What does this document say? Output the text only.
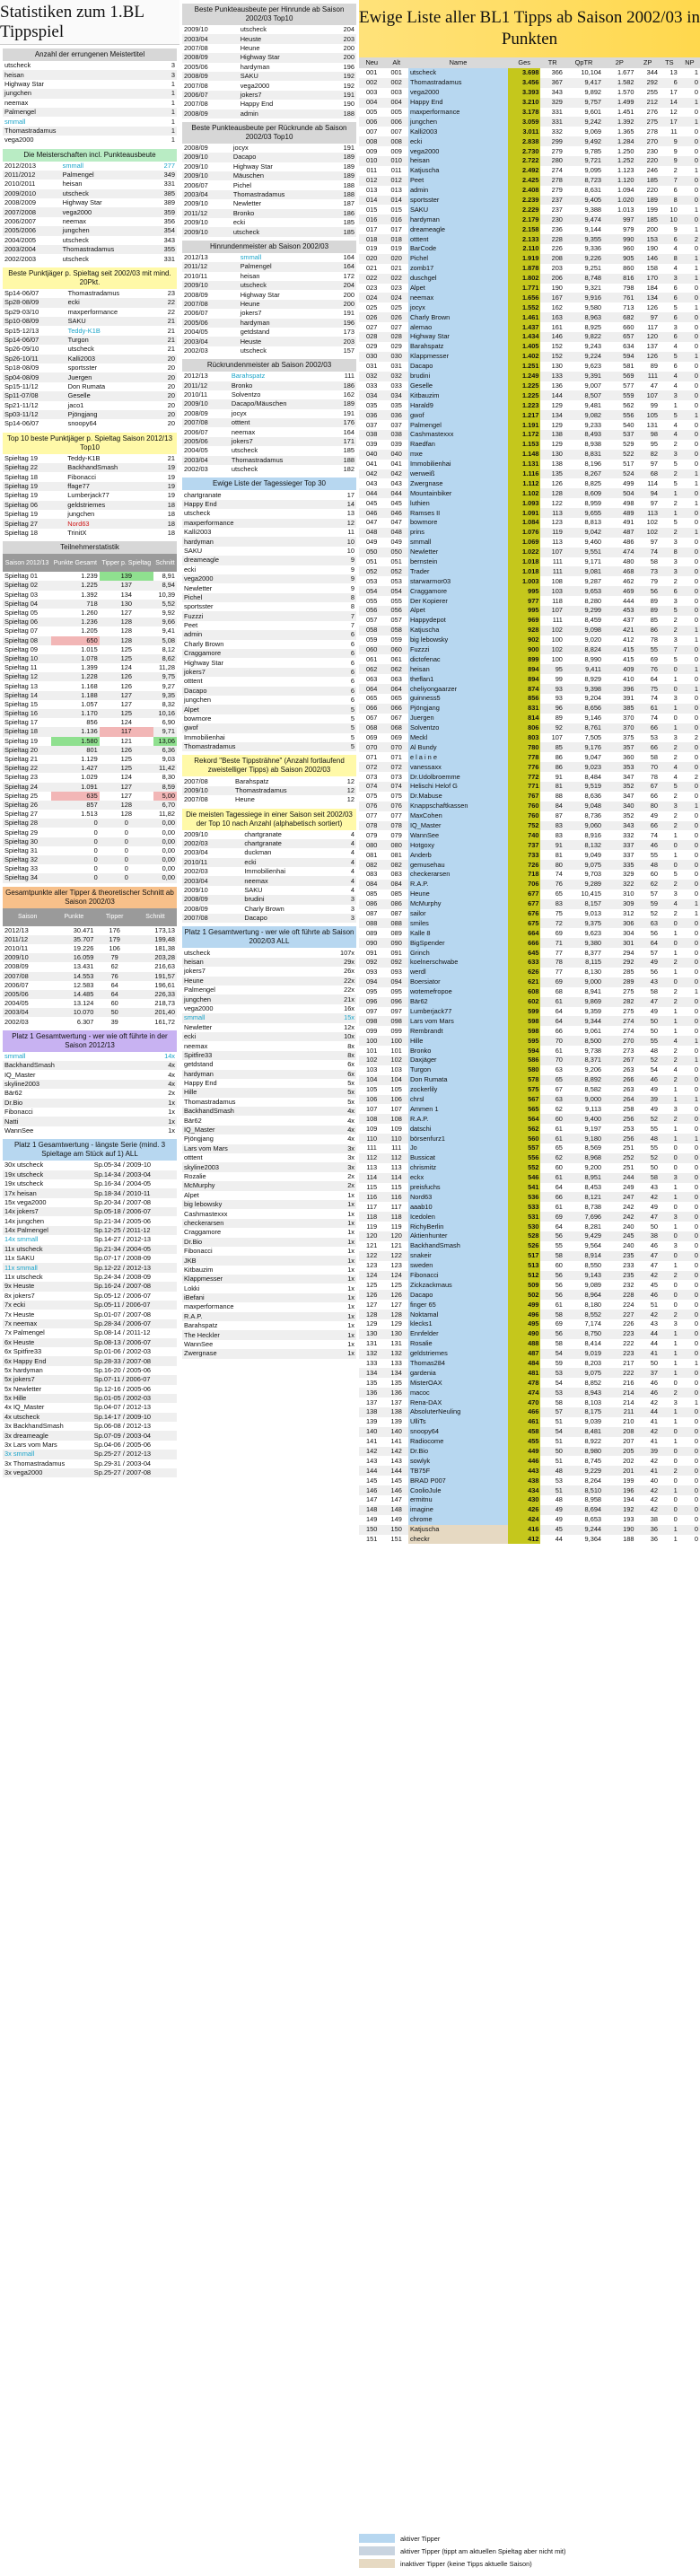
Statistiken zum 1.BL Tippspiel
Anzahl der errungenen Meistertitel
utscheck	3
heisan	3
Highway Star	1
jungchen	1
neemax	1
Palmengel	1
smmall	1
Thomastradamus	1
vega2000	1
Die Meisterschaften incl. Punkteausbeute
2012/2013	smmall	277
2011/2012	Palmengel	349
2010/2011	heisan	331
2009/2010	utscheck	385
2008/2009	Highway Star	389
2007/2008	vega2000	359
2006/2007	neemax	356
2005/2006	jungchen	354
2004/2005	utscheck	343
2003/2004	Thomastradamus	355
2002/2003	utscheck	331
Beste Punktjäger p. Spieltag seit 2002/03 mit mind. 20Pkt.
Sp14-06/07	Thomastradamus	23
Sp28-08/09	ecki	22
Sp29-03/10	maxperformance	22
Sp10-08/09	SAKU	21
Sp15-12/13	Teddy-K1B	21
Sp14-06/07	Turgon	21
Sp26-09/10	utscheck	21
Sp26-10/11	Kalli2003	20
Sp18-08/09	sportsster	20
Sp04-08/09	Juergen	20
Sp15-11/12	Don Rumata	20
Sp11-07/08	Geselle	20
Sp21-11/12	jaco1	20
Sp03-11/12	Pjöngjang	20
Sp14-06/07	snoopy64	20
Top 10 beste Punktjäger p. Spieltag Saison 2012/13 Top10
Spieltag 19	Teddy-K1B	21
Spieltag 22	BackhandSmash	19
Spieltag 18	Fibonacci	19
Spieltag 19	ffage77	19
Spieltag 19	Lumberjack77	19
Spieltag 06	geldstriemes	18
Spieltag 19	jungchen	18
Spieltag 27	Nord63	18
Spieltag 18	TrinitX	18
Teilnehmerstatistik
Saison 2012/13	Punkte Gesamt	Tipper p. Spieltag	Schnitt
Spieltag 01	1.239	139	8,91
Spieltag 02	1.225	137	8,94
Spieltag 03	1.392	134	10,39
Spieltag 04	718	130	5,52
Spieltag 05	1.260	127	9,92
Spieltag 06	1.236	128	9,66
Spieltag 07	1.205	128	9,41
Spieltag 08	650	128	5,08
Spieltag 09	1.015	125	8,12
Spieltag 10	1.078	125	8,62
Spieltag 11	1.399	124	11,28
Spieltag 12	1.228	126	9,75
Spieltag 13	1.168	126	9,27
Spieltag 14	1.188	127	9,35
Spieltag 15	1.057	127	8,32
Spieltag 16	1.170	125	10,16
Spieltag 17	856	124	6,90
Spieltag 18	1.136	117	9,71
Spieltag 19	1.580	121	13,06
Spieltag 20	801	126	6,36
Spieltag 21	1.129	125	9,03
Spieltag 22	1.427	125	11,42
Spieltag 23	1.029	124	8,30
Spieltag 24	1.091	127	8,59
Spieltag 25	635	127	5,00
Spieltag 26	857	128	6,70
Spieltag 27	1.513	128	11,82
Spieltag 28	0	0	0,00
Spieltag 29	0	0	0,00
Spieltag 30	0	0	0,00
Spieltag 31	0	0	0,00
Spieltag 32	0	0	0,00
Spieltag 33	0	0	0,00
Spieltag 34	0	0	0,00
Gesamtpunkte aller Tipper & theoretischer Schnitt ab Saison 2002/03
Saison	Punkte	Tipper	Schnitt
2012/13	30.471	176	173,13
2011/12	35.707	179	199,48
2010/11	19.226	106	181,38
2009/10	16.059	79	203,28
2008/09	13.431	62	216,63
2007/08	14.553	76	191,57
2006/07	12.583	64	196,61
2005/06	14.485	64	226,33
2004/05	13.124	60	218,73
2003/04	10.070	50	201,40
2002/03	6.307	39	161,72
Platz 1 Gesamtwertung - wer wie oft führte in der Saison 2012/13
smmall	14x
BackhandSmash	4x
IQ_Master	4x
skyline2003	4x
Bär62	2x
Dr.Bio	1x
Fibonacci	1x
Natti	1x
WannSee	1x
Platz 1 Gesamtwertung - längste Serie (mind. 3 Spieltage am Stück auf 1) ALL
30x utscheck	Sp.05-34 / 2009-10
19x utscheck	Sp.14-34 / 2003-04
19x utscheck	Sp.16-34 / 2004-05
17x heisan	Sp.18-34 / 2010-11
15x vega2000	Sp.20-34 / 2007-08
14x jokers7	Sp.05-18 / 2006-07
14x jungchen	Sp.21-34 / 2005-06
14x Palmengel	Sp.12-25 / 2011-12
14x smmall	Sp.14-27 / 2012-13
11x utscheck	Sp.21-34 / 2004-05
11x SAKU	Sp.07-17 / 2008-09
11x smmall	Sp.12-22 / 2012-13
11x utscheck	Sp.24-34 / 2008-09
9x Heuste	Sp.16-24 / 2007-08
8x jokers7	Sp.05-12 / 2006-07
7x ecki	Sp.05-11 / 2006-07
7x Heuste	Sp.01-07 / 2007-08
7x neemax	Sp.28-34 / 2006-07
7x Palmengel	Sp.08-14 / 2011-12
6x Heuste	Sp.08-13 / 2006-07
6x Spitfire33	Sp.01-06 / 2002-03
6x Happy End	Sp.28-33 / 2007-08
5x hardyman	Sp.16-20 / 2005-06
5x jokers7	Sp.07-11 / 2006-07
5x Newletter	Sp.12-16 / 2005-06
5x Hille	Sp.01-05 / 2002-03
4x IQ_Master	Sp.04-07 / 2012-13
4x utscheck	Sp.14-17 / 2009-10
3x BackhandSmash	Sp.06-08 / 2012-13
3x dreameagle	Sp.07-09 / 2003-04
3x Lars vom Mars	Sp.04-06 / 2005-06
3x smmall	Sp.25-27 / 2012-13
3x Thomastradamus	Sp.29-31 / 2003-04
3x vega2000	Sp.25-27 / 2007-08
Beste Punkteausbeute per Hinrunde ab Saison 2002/03 Top10
2009/10	utscheck	204
2003/04	Heuste	203
2007/08	Heune	200
2008/09	Highway Star	200
2005/06	hardyman	196
2008/09	SAKU	192
2007/08	vega2000	192
2006/07	jokers7	191
2007/08	Happy End	190
2008/09	admin	188
Beste Punkteausbeute per Rückrunde ab Saison 2002/03 Top10
2008/09	jocyx	191
2009/10	Dacapo	189
2009/10	Highway Star	189
2009/10	Mäuschen	189
2006/07	Pichel	188
2003/04	Thomastradamus	188
2009/10	Newletter	187
2011/12	Bronko	186
2009/10	ecki	185
2009/10	utscheck	185
Hinrundenmeister ab Saison 2002/03
2012/13	smmall	164
2011/12	Palmengel	164
2010/11	heisan	172
2009/10	utscheck	204
2008/09	Highway Star	200
2007/08	Heune	200
2006/07	jokers7	191
2005/06	hardyman	196
2004/05	getdstand	173
2003/04	Heuste	203
2002/03	utscheck	157
Rückrundenmeister ab Saison 2002/03
2012/13	Barahspatz	111
2011/12	Bronko	186
2010/11	Solventzo	162
2009/10	Dacapo/Mäuschen	189
2008/09	jocyx	191
2007/08	otttent	176
2006/07	neemax	164
2005/06	jokers7	171
2004/05	utscheck	185
2003/04	Thomastradamus	188
2002/03	utscheck	182
Ewige Liste der Tagessieger Top 30
chartgranate	17
Happy End	14
utscheck	13
maxperformance	12
Kalli2003	11
hardyman	10
SAKU	10
dreameagle	9
ecki	9
vega2000	9
Newletter	9
Pichel	8
sportsster	8
Fuzzzi	7
Peet	7
admin	6
Charly Brown	6
Craggamore	6
Highway Star	6
jokers7	6
otttent	6
Dacapo	6
jungchen	6
Alpet	5
bowmore	5
gwof	5
Immobilienhai	5
Thomastradamus	5
Rekord "Beste Tippsträhne" (Anzahl fortlaufend zweistelliger Tipps) ab Saison 2002/03
2007/08	Barahspatz	12
2009/10	Thomastradamus	12
2007/08	Heune	12
Die meisten Tagessiege in einer Saison seit 2002/03 der Top 10 nach Anzahl (alphabetisch sortiert)
2009/10	chartgranate	4
2002/03	chartgranate	4
2003/04	duckman	4
2010/11	ecki	4
2002/03	Immobilienhai	4
2003/04	neemax	4
2009/10	SAKU	4
2008/09	brudini	3
2008/09	Charly Brown	3
2007/08	Dacapo	3
Platz 1 Gesamtwertung - wer wie oft führte ab Saison 2002/03 ALL
utscheck	107x
heisan	29x
jokers7	26x
Heune	22x
Palmengel	22x
jungchen	21x
vega2000	16x
smmall	15x
Newletter	12x
ecki	10x
neemax	8x
Spitfire33	8x
getdstand	6x
hardyman	6x
Happy End	5x
Hille	5x
Thomastradamus	5x
BackhandSmash	4x
Bär62	4x
IQ_Master	4x
Pjöngjang	4x
Lars vom Mars	3x
otttent	3x
skyline2003	3x
Rozalie	2x
McMurphy	2x
Alpet	1x
big lebowsky	1x
Cashmastexxx	1x
checkerarsen	1x
Craggamore	1x
Dr.Bio	1x
Fibonacci	1x
JKB	1x
Kitbauzim	1x
Klappmesser	1x
Lokki	1x
iBefani	1x
maxperformance	1x
R.A.P.	1x
Barahspatz	1x
The Heckler	1x
WannSee	1x
Zwergnase	1x
Ewige Liste aller BL1 Tipps ab Saison 2002/03 in Punkten
Neu	Alt	Name	Ges	TR	QpTR	2P	ZP	TS	NP
001	001	utscheck	3.698	366	10,104	1.677	344	13	1
002	002	Thomastradamus	3.456	367	9,417	1.582	292	6	0
003	003	vega2000	3.393	343	9,892	1.570	255	17	0
004	004	Happy End	3.210	329	9,757	1.499	212	14	1
005	005	maxperformance	3.178	331	9,601	1.451	276	12	0
006	006	jungchen	3.059	331	9,242	1.392	275	17	1
007	007	Kalli2003	3.011	332	9,069	1.365	278	11	0
008	008	ecki	2.838	299	9,492	1.284	270	9	0
009	009	vega2000	2.730	279	9,785	1.250	230	9	0
010	010	heisan	2.722	280	9,721	1.252	220	9	0
011	011	Katjuscha	2.492	274	9,095	1.123	246	2	1
012	012	Peet	2.425	278	8,723	1.120	185	7	0
013	013	admin	2.408	279	8,631	1.094	220	6	0
014	014	sportsster	2.239	237	9,405	1.020	189	8	0
015	015	SAKU	2.229	237	9,388	1.013	199	10	1
016	016	hardyman	2.179	230	9,474	997	185	10	0
017	017	dreameagle	2.158	236	9,144	979	200	9	1
018	018	otttent	2.133	228	9,355	990	153	6	2
019	019	BarCode	2.110	226	9,336	960	190	4	0
020	020	Pichel	1.919	208	9,226	905	146	8	1
021	021	zomb17	1.878	203	9,251	860	158	4	1
022	022	duschgel	1.802	206	8,748	816	170	3	1
023	023	Alpet	1.771	190	9,321	798	184	6	0
024	024	neemax	1.656	167	9,916	761	134	6	0
025	025	jocyx	1.552	162	9,580	713	126	5	1
026	026	Charly Brown	1.461	163	8,963	682	97	6	0
027	027	alemao	1.437	161	8,925	660	117	3	0
028	028	Highway Star	1.434	146	9,822	657	120	6	0
029	029	Barahspatz	1.405	152	9,243	634	137	4	0
030	030	Klappmesser	1.402	152	9,224	594	126	5	1
031	031	Dacapo	1.251	130	9,623	581	89	6	0
032	032	brudini	1.249	133	9,391	569	111	4	0
033	033	Geselle	1.225	136	9,007	577	47	4	0
034	034	Kitbauzim	1.225	144	8,507	559	107	3	0
035	035	Harald9	1.223	129	9,481	562	99	1	0
036	036	gwof	1.217	134	9,082	556	105	5	1
037	037	Palmengel	1.191	129	9,233	540	131	4	0
038	038	Cashmastexxx	1.172	138	8,493	537	98	4	0
039	039	Raedfan	1.153	129	8,938	529	95	2	0
040	040	mxe	1.148	130	8,831	522	82	3	0
041	041	Immobilienhai	1.131	138	8,196	517	97	5	0
042	042	werweiß	1.116	135	8,267	524	68	2	1
043	043	Zwergnase	1.112	126	8,825	499	114	5	1
044	044	Mountainbiker	1.102	128	8,609	504	94	1	0
045	045	luthien	1.093	122	8,959	498	97	2	1
046	046	Ramses II	1.091	113	9,655	489	113	1	0
047	047	bowmore	1.084	123	8,813	491	102	5	0
048	048	prins	1.076	119	9,042	487	102	2	1
049	049	smmall	1.069	113	9,460	486	97	3	0
050	050	Newletter	1.022	107	9,551	474	74	8	0
051	051	bernstein	1.018	111	9,171	480	58	3	0
052	052	Trader	1.018	111	9,081	468	73	3	0
053	053	starwarmor03	1.003	108	9,287	462	79	2	0
054	054	Craggamore	995	103	9,653	469	56	6	0
055	055	Der Kopierer	977	118	8,280	444	89	3	0
056	056	Alpet	995	107	9,299	453	89	5	0
057	057	Happydepot	969	111	8,459	437	85	2	0
058	058	Katjuscha	928	102	9,098	421	86	2	1
059	059	big lebowsky	902	100	9,020	412	78	3	1
060	060	Fuzzzi	900	102	8,824	415	55	7	0
061	061	dictofenac	899	100	8,990	415	69	5	0
062	062	heisan	894	95	9,411	409	76	0	1
063	063	theflan1	894	99	8,929	410	64	1	0
064	064	cheliyongaarzer	874	93	9,398	396	75	0	1
065	065	guinness5	856	93	9,204	391	74	3	0
066	066	Pjöngjang	831	96	8,656	385	61	1	0
067	067	Juergen	814	89	9,146	370	74	0	0
068	068	Solventzo	806	92	8,761	370	66	1	0
069	069	Meckl	803	107	7,505	375	53	3	2
070	070	Al Bundy	780	85	9,176	357	66	2	0
071	071	e l a i n e	778	86	9,047	360	58	2	0
072	072	vanessaxx	776	86	9,023	353	70	4	0
073	073	Dr.Udolbroemme	772	91	8,484	347	78	4	2
074	074	Helischi Helof G	771	81	9,519	352	67	5	0
075	075	Dr.Mabuse	767	88	8,636	347	66	2	0
076	076	Knappschaftkassen	760	84	9,048	340	80	3	1
077	077	MaxCohen	760	87	8,736	352	49	2	0
078	078	IQ_Master	752	83	9,060	343	66	2	0
079	079	WannSee	740	83	8,916	332	74	1	0
080	080	Hotgoxy	737	91	8,132	337	46	0	0
081	081	Anderb	733	81	9,049	337	55	1	0
082	082	gemusehau	726	80	9,075	335	48	0	0
083	083	checkerarsen	718	74	9,703	329	60	5	0
084	084	R.A.P.	706	76	9,289	322	62	2	0
085	085	Heune	677	65	10,415	310	57	3	0
086	086	McMurphy	677	83	8,157	309	59	4	1
087	087	sailor	676	75	9,013	312	52	2	1
088	088	smiles	675	72	9,375	306	63	0	0
089	089	Kalle 8	664	69	9,623	304	56	1	0
090	090	BigSpender	666	71	9,380	301	64	0	0
091	091	Grinch	645	77	8,377	294	57	1	0
092	092	koelnerschwabe	633	78	8,115	292	49	2	0
093	093	werdl	626	77	8,130	285	56	1	0
094	094	Boersiator	621	69	9,000	289	43	0	0
095	095	wotemefropoe	608	68	8,941	275	58	2	1
096	096	Bär62	602	61	9,869	282	47	2	0
097	097	Lumberjack77	599	64	9,359	275	49	1	0
098	098	Lars vom Mars	598	64	9,344	274	50	1	0
099	099	Rembrandt	598	66	9,061	274	50	1	0
100	100	Hille	595	70	8,500	270	55	4	1
101	101	Bronko	594	61	9,738	273	48	2	0
102	102	Daxjäger	586	70	8,371	267	52	2	1
103	103	Turgon	580	63	9,206	263	54	4	0
104	104	Don Rumata	578	65	8,892	266	46	2	0
105	105	zockerlily	575	67	8,582	263	49	1	0
106	106	chrsl	567	63	9,000	264	39	1	1
107	107	Ammen 1	565	62	9,113	258	49	3	0
108	108	R.A.P.	564	60	9,400	256	52	2	0
109	109	datschi	562	61	9,197	253	55	1	0
110	110	börsenfurz1	560	61	9,180	256	48	1	1
111	111	Jo	557	65	8,569	251	55	0	0
112	112	Bussicat	556	62	8,968	252	52	0	0
113	113	chrismitz	552	60	9,200	251	50	0	0
114	114	eckx	546	61	8,951	244	58	3	0
115	115	preisfuchs	541	64	8,453	249	43	1	0
116	116	Nord63	536	66	8,121	247	42	1	0
117	117	aaab10	533	61	8,738	242	49	0	0
118	118	Icedolen	531	69	7,696	242	47	3	0
119	119	RichyBerlin	530	64	8,281	240	50	1	0
120	120	Aktienhunter	528	56	9,429	245	38	0	0
121	121	BackhandSmash	526	55	9,564	240	46	3	0
122	122	snakeir	517	58	8,914	235	47	0	0
123	123	sweden	513	60	8,550	233	47	1	0
124	124	Fibonacci	512	56	9,143	235	42	2	0
125	125	Zickzackmaus	509	56	9,089	232	45	0	0
126	126	Dacapo	502	56	8,964	228	46	0	0
127	127	finger 65	499	61	8,180	224	51	0	0
128	128	Noktamal	496	58	8,552	227	42	2	0
129	129	klecks1	495	69	7,174	226	43	3	0
130	130	Ennfelder	490	56	8,750	223	44	1	0
131	131	Rosalie	488	58	8,414	222	44	1	0
132	132	geldstriemes	487	54	9,019	223	41	1	0
133	133	Thomas284	484	59	8,203	217	50	1	1
134	134	gardenia	481	53	9,075	222	37	1	0
135	135	MisterOAX	478	54	8,852	216	46	0	0
136	136	macoc	474	53	8,943	214	46	2	0
137	137	Rena-DAX	470	58	8,103	214	42	3	1
138	138	AbsoluterNeuling	466	57	8,175	211	44	1	0
139	139	UlliTs	461	51	9,039	210	41	1	0
140	140	snoopy64	458	54	8,481	208	42	0	0
141	141	Radiocome	455	51	8,922	207	41	1	0
142	142	Dr.Bio	449	50	8,980	205	39	0	0
143	143	sowlyk	446	51	8,745	202	42	0	0
144	144	TB75F	443	48	9,229	201	41	2	0
145	145	BRAD P007	438	53	8,264	199	40	0	0
146	146	CoolioJule	434	51	8,510	196	42	1	0
147	147	ermitnu	430	48	8,958	194	42	0	0
148	148	imagine	426	49	8,694	192	42	0	0
149	149	chrome	424	49	8,653	193	38	0	0
150	150	Katjuscha	416	45	9,244	190	36	1	0
151	151	checkr	412	44	9,364	188	36	1	0
aktiver Tipper
aktiver Tipper (tippt am aktuellen Spieltag aber nicht mit)
inaktiver Tipper (keine Tipps aktuelle Saison)
